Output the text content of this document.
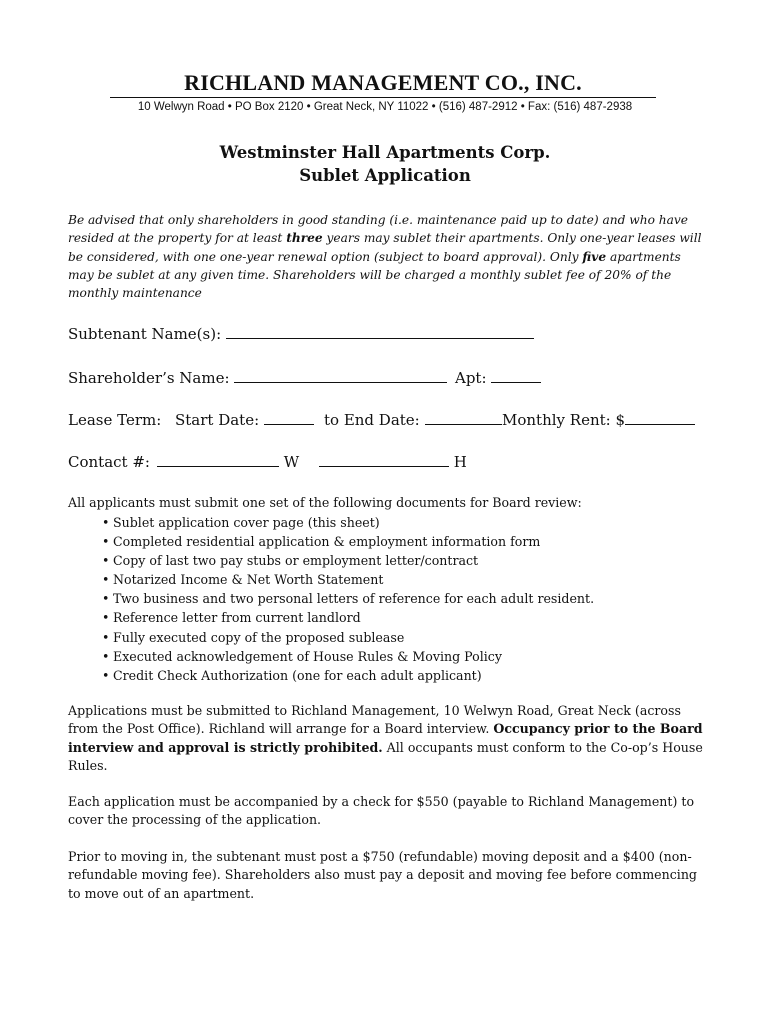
RICHLAND MANAGEMENT CO., INC.
10 Welwyn Road • PO Box 2120 • Great Neck, NY 11022 • (516) 487-2912 • Fax: (516) 487-2938
Westminster Hall Apartments Corp.
Sublet Application

Be advised that only shareholders in good standing (i.e. maintenance paid up to date) and who have resided at the property for at least three years may sublet their apartments. Only one-year leases will be considered, with one one-year renewal option (subject to board approval). Only five apartments may be sublet at any given time. Shareholders will be charged a monthly sublet fee of 20% of the monthly maintenance

Subtenant Name(s):
Shareholder’s Name:	Apt:
Lease Term: Start Date:	to End Date:	Monthly Rent: $
Contact #:	W	H
All applicants must submit one set of the following documents for Board review:
• Sublet application cover page (this sheet)
• Completed residential application & employment information form
• Copy of last two pay stubs or employment letter/contract
• Notarized Income & Net Worth Statement
• Two business and two personal letters of reference for each adult resident.
• Reference letter from current landlord
• Fully executed copy of the proposed sublease
• Executed acknowledgement of House Rules & Moving Policy
• Credit Check Authorization (one for each adult applicant)

Applications must be submitted to Richland Management, 10 Welwyn Road, Great Neck (across from the Post Office). Richland will arrange for a Board interview. Occupancy prior to the Board interview and approval is strictly prohibited. All occupants must conform to the Co-op’s House Rules.

Each application must be accompanied by a check for $550 (payable to Richland Management) to cover the processing of the application.

Prior to moving in, the subtenant must post a $750 (refundable) moving deposit and a $400 (non-refundable moving fee). Shareholders also must pay a deposit and moving fee before commencing to move out of an apartment.
